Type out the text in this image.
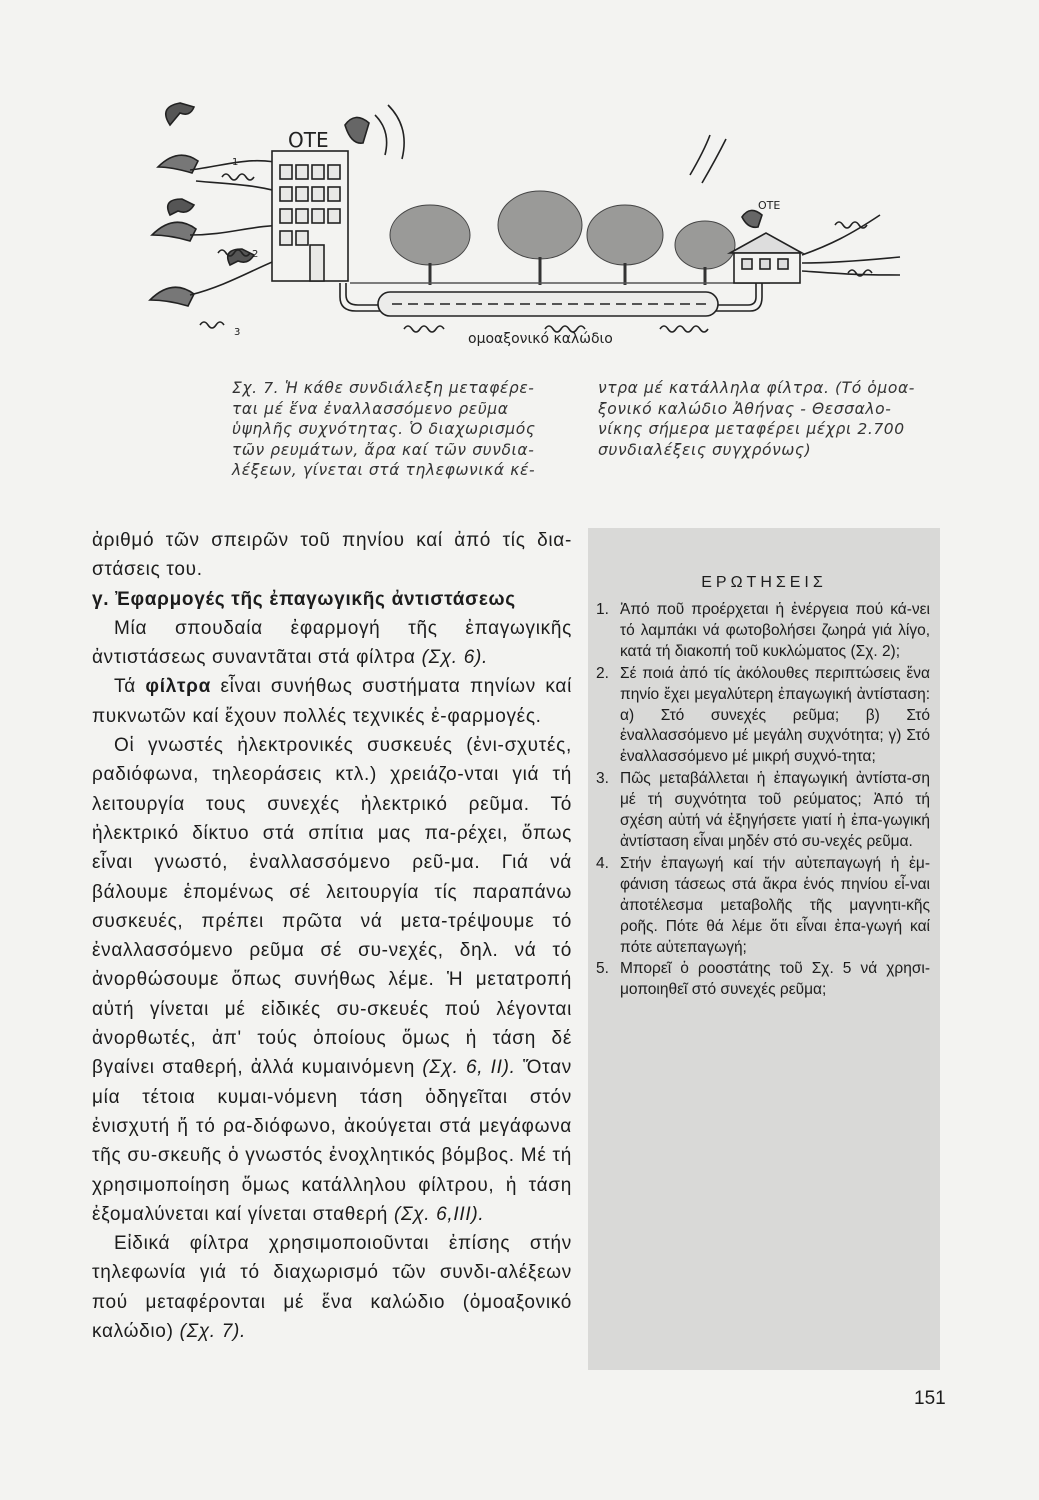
ΟΤΕ
ΟΤΕ
1
2
3	ομοαξονικό καλώδιο

Σχ. 7. Ἡ κάθε συνδιάλεξη μεταφέρε-

ται μέ ἕνα ἐναλλασσόμενο ρεῦμα

ὑψηλῆς συχνότητας. Ὁ διαχωρισμός

τῶν ρευμάτων, ἄρα καί τῶν συνδια-

λέξεων, γίνεται στά τηλεφωνικά κέ-

ντρα μέ κατάλληλα φίλτρα. (Τό ὁμοα-

ξονικό καλώδιο Ἀθήνας - Θεσσαλο-

νίκης σήμερα μεταφέρει μέχρι 2.700

συνδιαλέξεις συγχρόνως)

ἀριθμό τῶν σπειρῶν τοῦ πηνίου καί ἀπό τίς δια-στάσεις του.

γ. Ἐφαρμογές τῆς ἐπαγωγικῆς ἀντιστάσεως

Μία σπουδαία ἐφαρμογή τῆς ἐπαγωγικῆς ἀντιστάσεως συναντᾶται στά φίλτρα (Σχ. 6).

Τά φίλτρα εἶναι συνήθως συστήματα πηνίων καί πυκνωτῶν καί ἔχουν πολλές τεχνικές ἐ-φαρμογές.

Οἱ γνωστές ἠλεκτρονικές συσκευές (ἐνι-σχυτές, ραδιόφωνα, τηλεοράσεις κτλ.) χρειάζο-νται γιά τή λειτουργία τους συνεχές ἠλεκτρικό ρεῦμα. Τό ἠλεκτρικό δίκτυο στά σπίτια μας πα-ρέχει, ὅπως εἶναι γνωστό, ἐναλλασσόμενο ρεῦ-μα. Γιά νά βάλουμε ἑπομένως σέ λειτουργία τίς παραπάνω συσκευές, πρέπει πρῶτα νά μετα-τρέψουμε τό ἐναλλασσόμενο ρεῦμα σέ συ-νεχές, δηλ. νά τό ἀνορθώσουμε ὅπως συνήθως λέμε. Ἡ μετατροπή αὐτή γίνεται μέ εἰδικές συ-σκευές πού λέγονται ἀνορθωτές, ἀπ' τούς ὁποίους ὅμως ἡ τάση δέ βγαίνει σταθερή, ἀλλά κυμαινόμενη (Σχ. 6, ΙΙ). Ὅταν μία τέτοια κυμαι-νόμενη τάση ὁδηγεῖται στόν ἐνισχυτή ἤ τό ρα-διόφωνο, ἀκούγεται στά μεγάφωνα τῆς συ-σκευῆς ὁ γνωστός ἐνοχλητικός βόμβος. Μέ τή χρησιμοποίηση ὅμως κατάλληλου φίλτρου, ἡ τάση ἐξομαλύνεται καί γίνεται σταθερή (Σχ. 6,ΙΙΙ).

Εἰδικά φίλτρα χρησιμοποιοῦνται ἐπίσης στήν τηλεφωνία γιά τό διαχωρισμό τῶν συνδι-αλέξεων πού μεταφέρονται μέ ἕνα καλώδιο (ὁμοαξονικό καλώδιο) (Σχ. 7).

ΕΡΩΤΗΣΕΙΣ
1. Ἀπό ποῦ προέρχεται ἡ ἐνέργεια πού κά-νει τό λαμπάκι νά φωτοβολήσει ζωηρά γιά λίγο, κατά τή διακοπή τοῦ κυκλώματος (Σχ. 2);
2. Σέ ποιά ἀπό τίς ἀκόλουθες περιπτώσεις ἕνα πηνίο ἔχει μεγαλύτερη ἐπαγωγική ἀντίσταση: α) Στό συνεχές ρεῦμα; β) Στό ἐναλλασσόμενο μέ μεγάλη συχνότητα; γ) Στό ἐναλλασσόμενο μέ μικρή συχνό-τητα;
3. Πῶς μεταβάλλεται ἡ ἐπαγωγική ἀντίστα-ση μέ τή συχνότητα τοῦ ρεύματος; Ἀπό τή σχέση αὐτή νά ἐξηγήσετε γιατί ἡ ἐπα-γωγική ἀντίσταση εἶναι μηδέν στό συ-νεχές ρεῦμα.
4. Στήν ἐπαγωγή καί τήν αὐτεπαγωγή ἡ ἐμ-φάνιση τάσεως στά ἄκρα ἑνός πηνίου εἶ-ναι ἀποτέλεσμα μεταβολῆς τῆς μαγνητι-κῆς ροῆς. Πότε θά λέμε ὅτι εἶναι ἐπα-γωγή καί πότε αὐτεπαγωγή;
5. Μπορεῖ ὁ ροοστάτης τοῦ Σχ. 5 νά χρησι-μοποιηθεῖ στό συνεχές ρεῦμα;
151
